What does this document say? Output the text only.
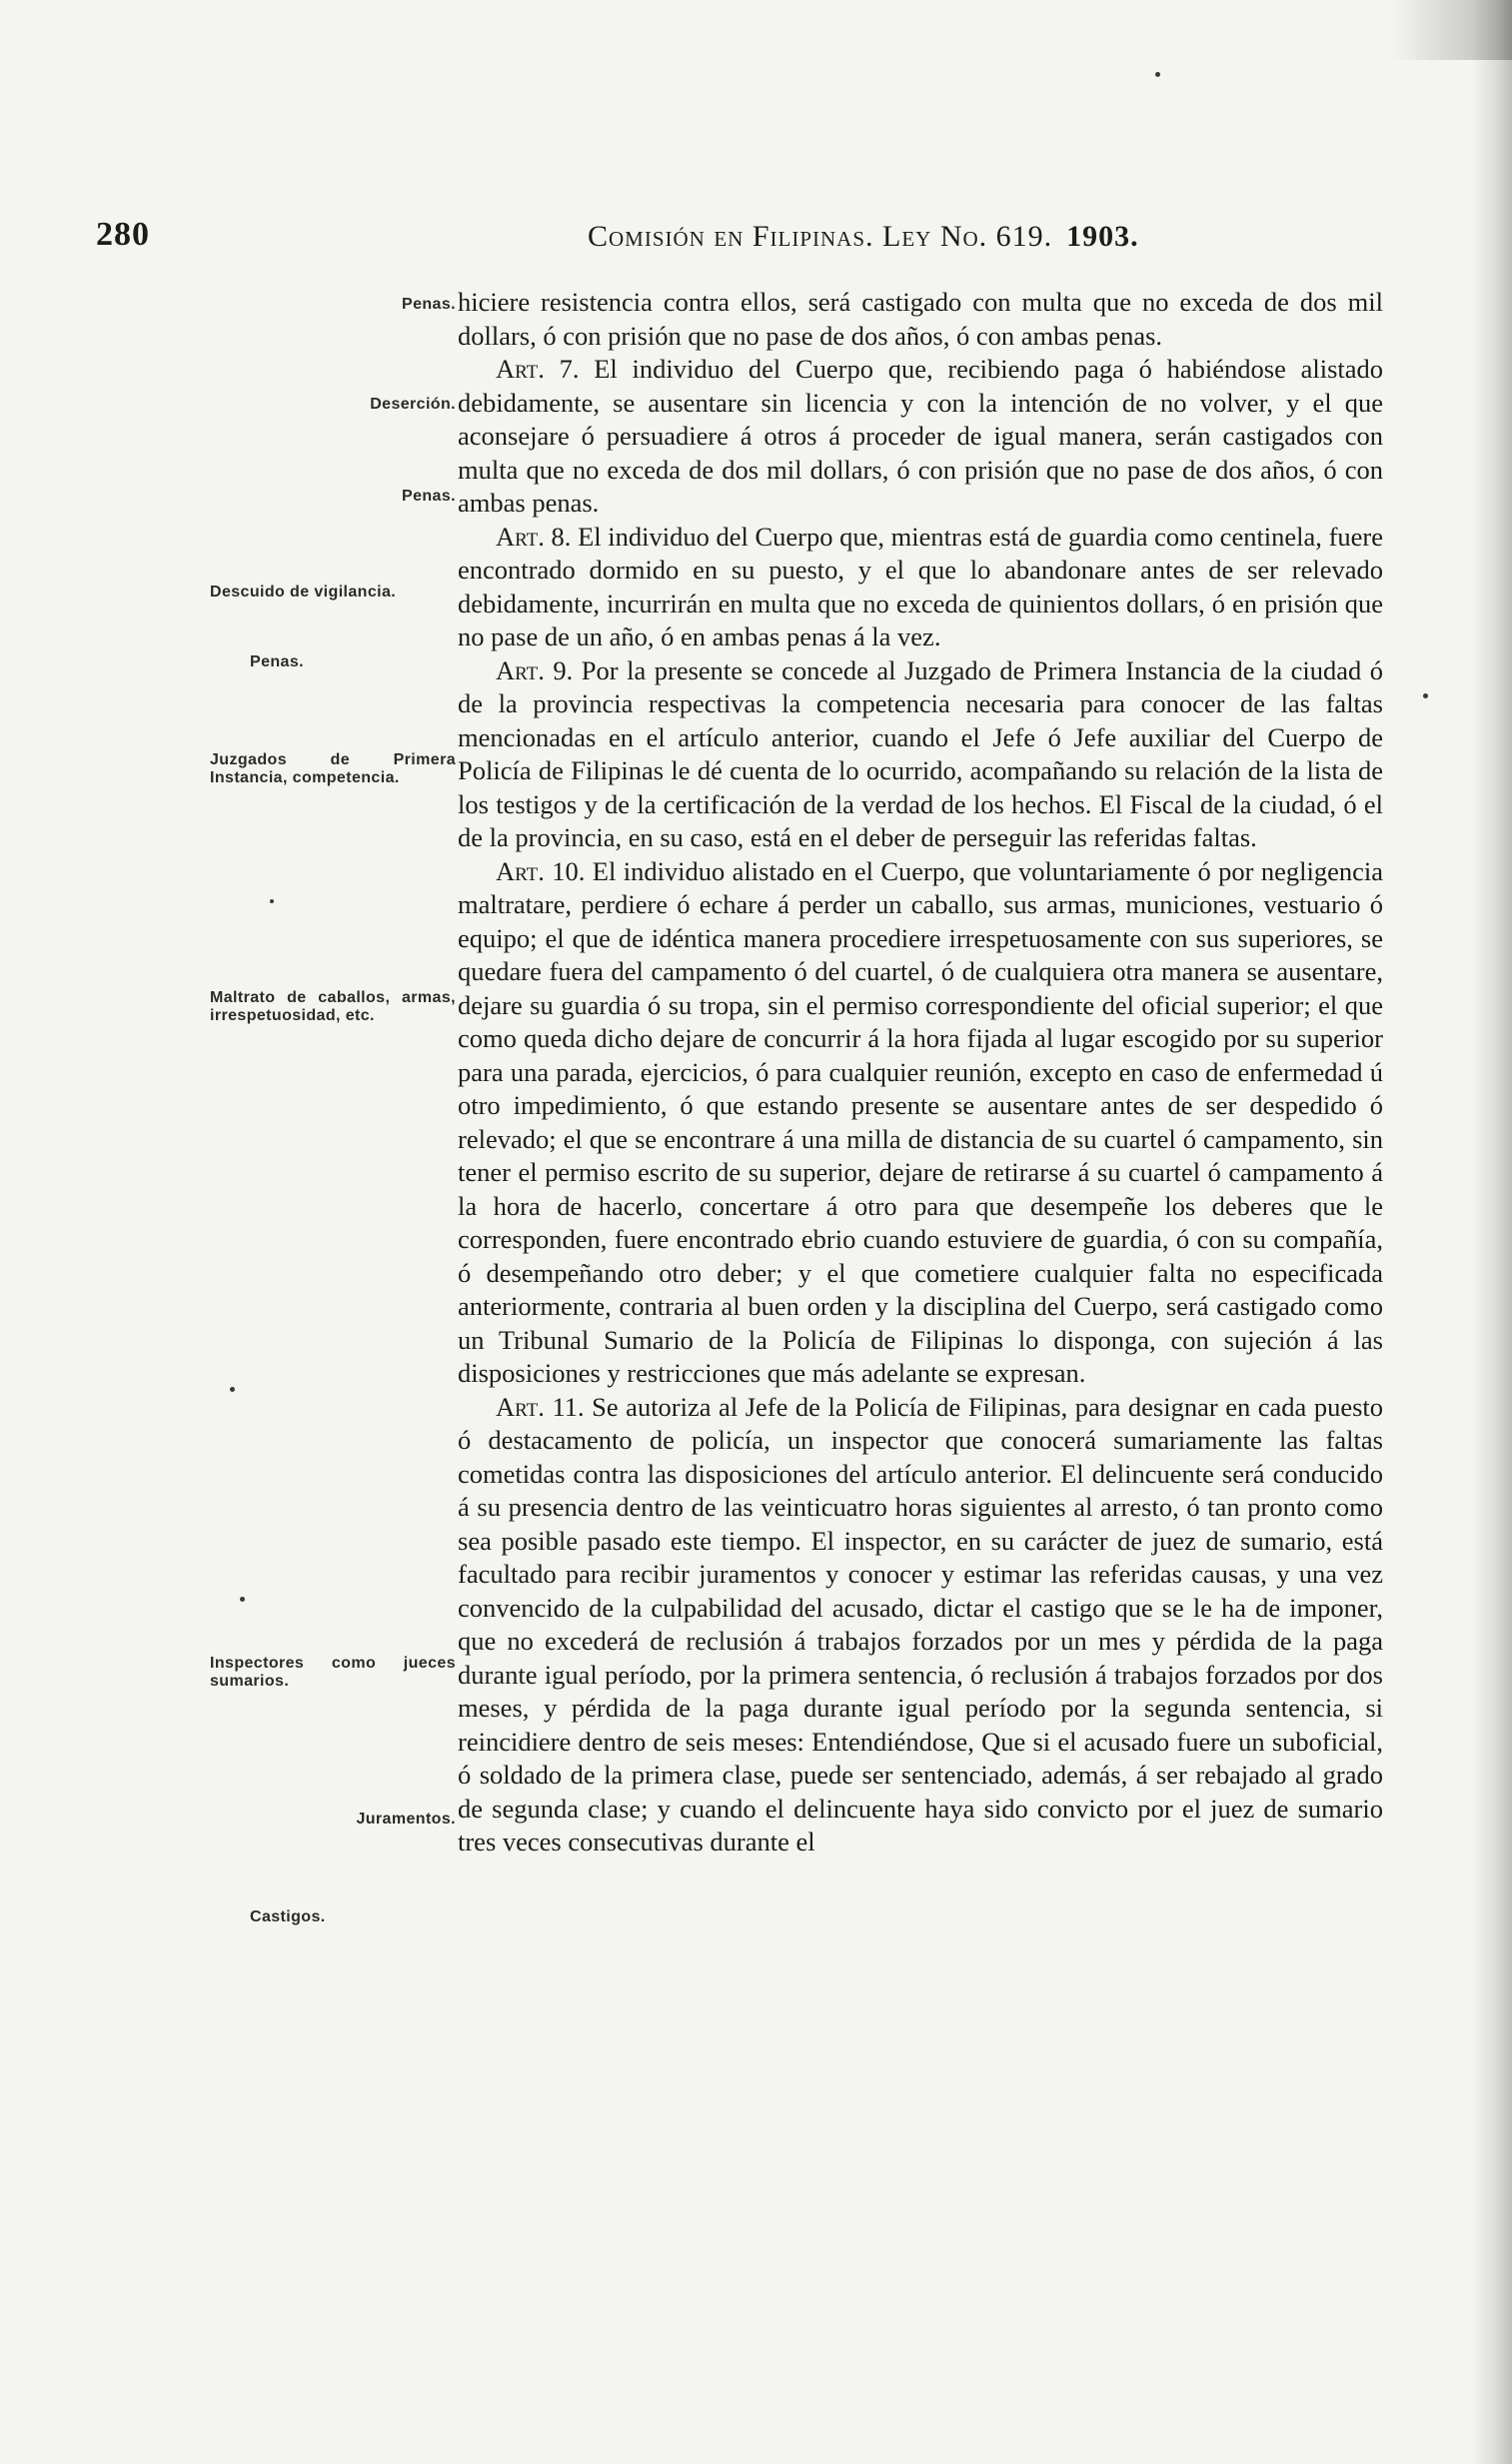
280	Comisión en Filipinas. Ley No. 619. 1903.
Penas.
Deserción.
Penas.
Descuido de vigilancia.
Penas.
Juzgados de Primera Instancia, competencia.
Maltrato de caballos, armas, irrespetuosidad, etc.
Inspectores como jueces sumarios.
Juramentos.
Castigos.

hiciere resistencia contra ellos, será castigado con multa que no exceda de dos mil dollars, ó con prisión que no pase de dos años, ó con ambas penas.

Art. 7. El individuo del Cuerpo que, recibiendo paga ó habiéndose alistado debidamente, se ausentare sin licencia y con la intención de no volver, y el que aconsejare ó persuadiere á otros á proceder de igual manera, serán castigados con multa que no exceda de dos mil dollars, ó con prisión que no pase de dos años, ó con ambas penas.

Art. 8. El individuo del Cuerpo que, mientras está de guardia como centinela, fuere encontrado dormido en su puesto, y el que lo abandonare antes de ser relevado debidamente, incurrirán en multa que no exceda de quinientos dollars, ó en prisión que no pase de un año, ó en ambas penas á la vez.

Art. 9. Por la presente se concede al Juzgado de Primera Instancia de la ciudad ó de la provincia respectivas la competencia necesaria para conocer de las faltas mencionadas en el artículo anterior, cuando el Jefe ó Jefe auxiliar del Cuerpo de Policía de Filipinas le dé cuenta de lo ocurrido, acompañando su relación de la lista de los testigos y de la certificación de la verdad de los hechos. El Fiscal de la ciudad, ó el de la provincia, en su caso, está en el deber de perseguir las referidas faltas.

Art. 10. El individuo alistado en el Cuerpo, que voluntariamente ó por negligencia maltratare, perdiere ó echare á perder un caballo, sus armas, municiones, vestuario ó equipo; el que de idéntica manera procediere irrespetuosamente con sus superiores, se quedare fuera del campamento ó del cuartel, ó de cualquiera otra manera se ausentare, dejare su guardia ó su tropa, sin el permiso correspondiente del oficial superior; el que como queda dicho dejare de concurrir á la hora fijada al lugar escogido por su superior para una parada, ejercicios, ó para cualquier reunión, excepto en caso de enfermedad ú otro impedimiento, ó que estando presente se ausentare antes de ser despedido ó relevado; el que se encontrare á una milla de distancia de su cuartel ó campamento, sin tener el permiso escrito de su superior, dejare de retirarse á su cuartel ó campamento á la hora de hacerlo, concertare á otro para que desempeñe los deberes que le corresponden, fuere encontrado ebrio cuando estuviere de guardia, ó con su compañía, ó desempeñando otro deber; y el que cometiere cualquier falta no especificada anteriormente, contraria al buen orden y la disciplina del Cuerpo, será castigado como un Tribunal Sumario de la Policía de Filipinas lo disponga, con sujeción á las disposiciones y restricciones que más adelante se expresan.

Art. 11. Se autoriza al Jefe de la Policía de Filipinas, para designar en cada puesto ó destacamento de policía, un inspector que conocerá sumariamente las faltas cometidas contra las disposiciones del artículo anterior. El delincuente será conducido á su presencia dentro de las veinticuatro horas siguientes al arresto, ó tan pronto como sea posible pasado este tiempo. El inspector, en su carácter de juez de sumario, está facultado para recibir juramentos y conocer y estimar las referidas causas, y una vez convencido de la culpabilidad del acusado, dictar el castigo que se le ha de imponer, que no excederá de reclusión á trabajos forzados por un mes y pérdida de la paga durante igual período, por la primera sentencia, ó reclusión á trabajos forzados por dos meses, y pérdida de la paga durante igual período por la segunda sentencia, si reincidiere dentro de seis meses: Entendiéndose, Que si el acusado fuere un suboficial, ó soldado de la primera clase, puede ser sentenciado, además, á ser rebajado al grado de segunda clase; y cuando el delincuente haya sido convicto por el juez de sumario tres veces consecutivas durante el
